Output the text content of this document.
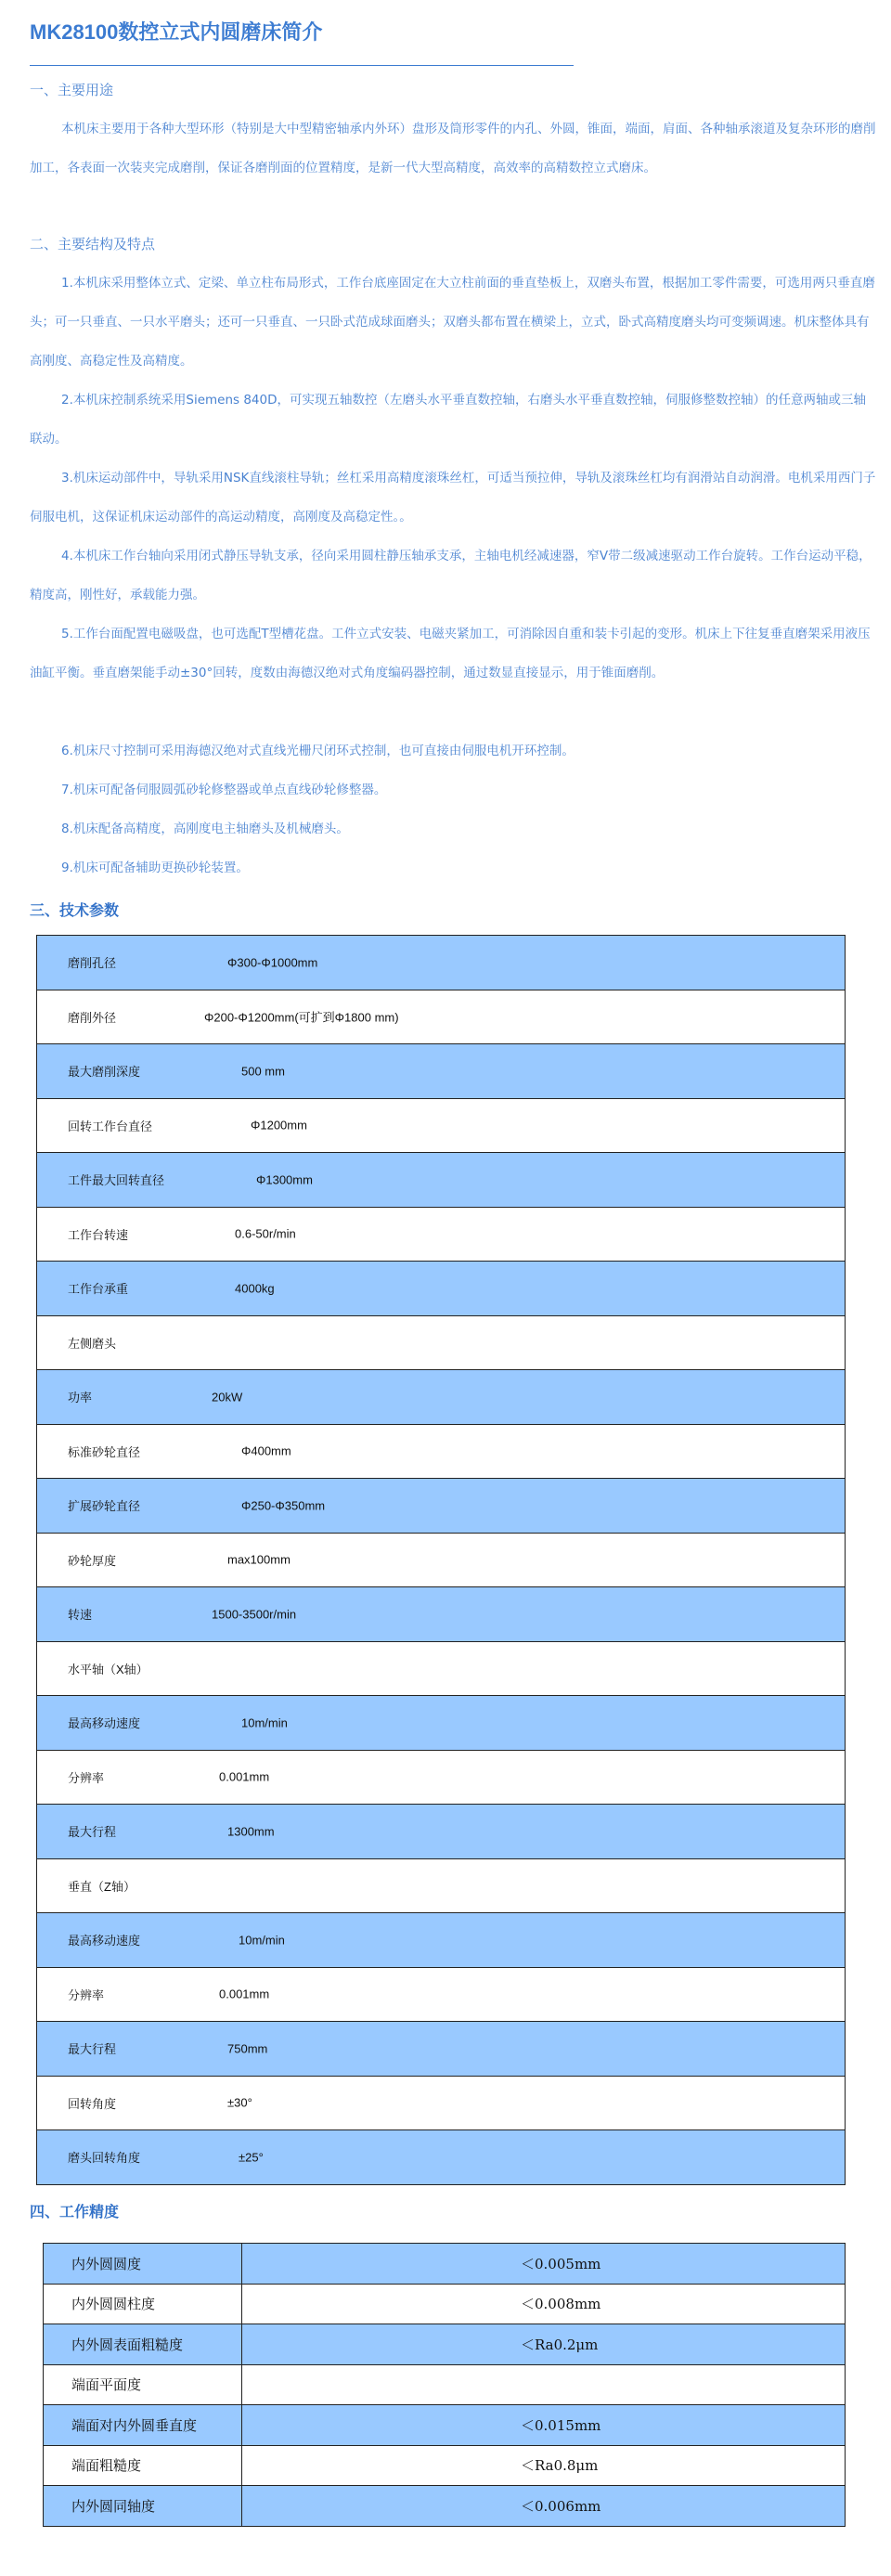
MK28100数控立式内圆磨床简介
一、主要用途
本机床主要用于各种大型环形（特别是大中型精密轴承内外环）盘形及筒形零件的内孔、外圆，锥面，端面，肩面、各种轴承滚道及复杂环形的磨削加工，各表面一次装夹完成磨削，保证各磨削面的位置精度，是新一代大型高精度，高效率的高精数控立式磨床。
二、主要结构及特点
1.本机床采用整体立式、定梁、单立柱布局形式，工作台底座固定在大立柱前面的垂直垫板上，双磨头布置，根据加工零件需要，可选用两只垂直磨头；可一只垂直、一只水平磨头；还可一只垂直、一只卧式范成球面磨头；双磨头都布置在横梁上，立式，卧式高精度磨头均可变频调速。机床整体具有高刚度、高稳定性及高精度。
2.本机床控制系统采用Siemens 840D，可实现五轴数控（左磨头水平垂直数控轴，右磨头水平垂直数控轴，伺服修整数控轴）的任意两轴或三轴联动。
3.机床运动部件中，导轨采用NSK直线滚柱导轨；丝杠采用高精度滚珠丝杠，可适当预拉伸，导轨及滚珠丝杠均有润滑站自动润滑。电机采用西门子伺服电机，这保证机床运动部件的高运动精度，高刚度及高稳定性。。
4.本机床工作台轴向采用闭式静压导轨支承，径向采用圆柱静压轴承支承，主轴电机经减速器，窄V带二级减速驱动工作台旋转。工作台运动平稳，精度高，刚性好，承载能力强。
5.工作台面配置电磁吸盘，也可选配T型槽花盘。工件立式安装、电磁夹紧加工，可消除因自重和装卡引起的变形。机床上下往复垂直磨架采用液压油缸平衡。垂直磨架能手动±30°回转，度数由海德汉绝对式角度编码器控制，通过数显直接显示，用于锥面磨削。
6.机床尺寸控制可采用海德汉绝对式直线光栅尺闭环式控制，也可直接由伺服电机开环控制。
7.机床可配备伺服圆弧砂轮修整器或单点直线砂轮修整器。
8.机床配备高精度，高刚度电主轴磨头及机械磨头。
9.机床可配备辅助更换砂轮装置。
三、技术参数
磨削孔径	Φ300-Φ1000mm

磨削外径	Φ200-Φ1200mm(可扩到Φ1800 mm)

最大磨削深度	500 mm

回转工作台直径	Φ1200mm

工件最大回转直径	Φ1300mm

工作台转速	0.6-50r/min

工作台承重	4000kg

左侧磨头
功率	20kW

标准砂轮直径	Φ400mm

扩展砂轮直径	Φ250-Φ350mm

砂轮厚度	max100mm

转速	1500-3500r/min

水平轴（X轴）
最高移动速度	10m/min

分辨率	0.001mm

最大行程	1300mm

垂直（Z轴）
最高移动速度	10m/min

分辨率	0.001mm

最大行程	750mm

回转角度	±30°

磨头回转角度	±25°
四、工作精度
内外圆圆度	＜0.005mm
内外圆圆柱度	＜0.008mm
内外圆表面粗糙度	＜Ra0.2μm
端面平面度	
端面对内外圆垂直度	＜0.015mm
端面粗糙度	＜Ra0.8μm
内外圆同轴度	＜0.006mm
